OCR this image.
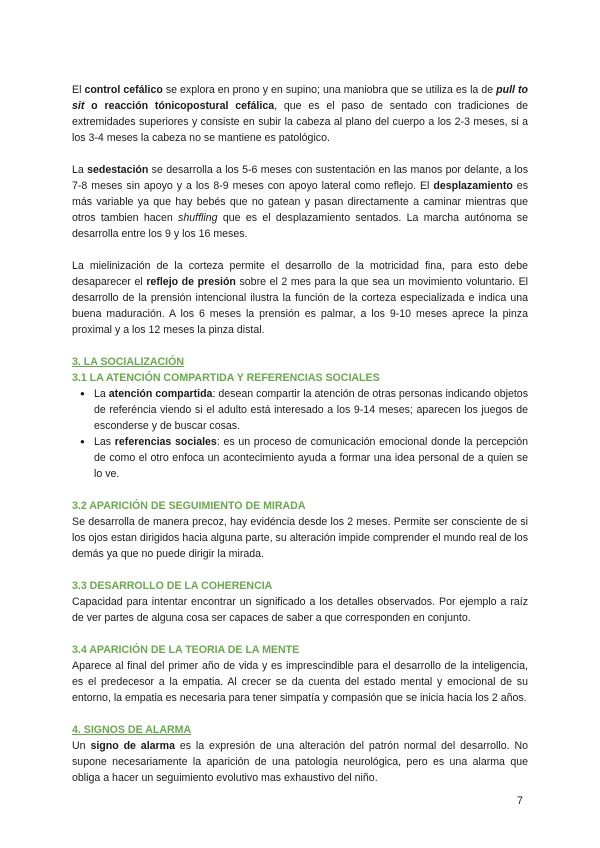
El control cefálico se explora en prono y en supino; una maniobra que se utiliza es la de pull to sit o reacción tónicopostural cefálica, que es el paso de sentado con tradiciones de extremidades superiores y consiste en subir la cabeza al plano del cuerpo a los 2-3 meses, si a los 3-4 meses la cabeza no se mantiene es patológico.

La sedestación se desarrolla a los 5-6 meses con sustentación en las manos por delante, a los 7-8 meses sin apoyo y a los 8-9 meses con apoyo lateral como reflejo. El desplazamiento es más variable ya que hay bebés que no gatean y pasan directamente a caminar mientras que otros tambien hacen shuffling que es el desplazamiento sentados. La marcha autónoma se desarrolla entre los 9 y los 16 meses.

La mielinización de la corteza permite el desarrollo de la motricidad fina, para esto debe desaparecer el reflejo de presión sobre el 2 mes para la que sea un movimiento voluntario. El desarrollo de la prensión intencional ilustra la función de la corteza especializada e indica una buena maduración. A los 6 meses la prensión es palmar, a los 9-10 meses aprece la pinza proximal y a los 12 meses la pinza distal.

3. LA SOCIALIZACIÓN
3.1 LA ATENCIÓN COMPARTIDA Y REFERENCIAS SOCIALES
● La atención compartida: desean compartir la atención de otras personas indicando objetos de referéncia viendo si el adulto está interesado a los 9-14 meses; aparecen los juegos de esconderse y de buscar cosas.
● Las referencias sociales: es un proceso de comunicación emocional donde la percepción de como el otro enfoca un acontecimiento ayuda a formar una idea personal de a quien se lo ve.
3.2 APARICIÓN DE SEGUIMIENTO DE MIRADA

Se desarrolla de manera precoz, hay evidéncia desde los 2 meses. Permite ser consciente de si los ojos estan dirigidos hacia alguna parte, su alteración impide comprender el mundo real de los demás ya que no puede dirigir la mirada.

3.3 DESARROLLO DE LA COHERENCIA

Capacidad para intentar encontrar un significado a los detalles observados. Por ejemplo a raíz de ver partes de alguna cosa ser capaces de saber a que corresponden en conjunto.

3.4 APARICIÓN DE LA TEORIA DE LA MENTE

Aparece al final del primer año de vida y es imprescindible para el desarrollo de la inteligencia, es el predecesor a la empatia. Al crecer se da cuenta del estado mental y emocional de su entorno, la empatia es necesaria para tener simpatía y compasión que se inicia hacia los 2 años.

4. SIGNOS DE ALARMA

Un signo de alarma es la expresión de una alteración del patrón normal del desarrollo. No supone necesariamente la aparición de una patologia neurológica, pero es una alarma que obliga a hacer un seguimiento evolutivo mas exhaustivo del niño.

7
